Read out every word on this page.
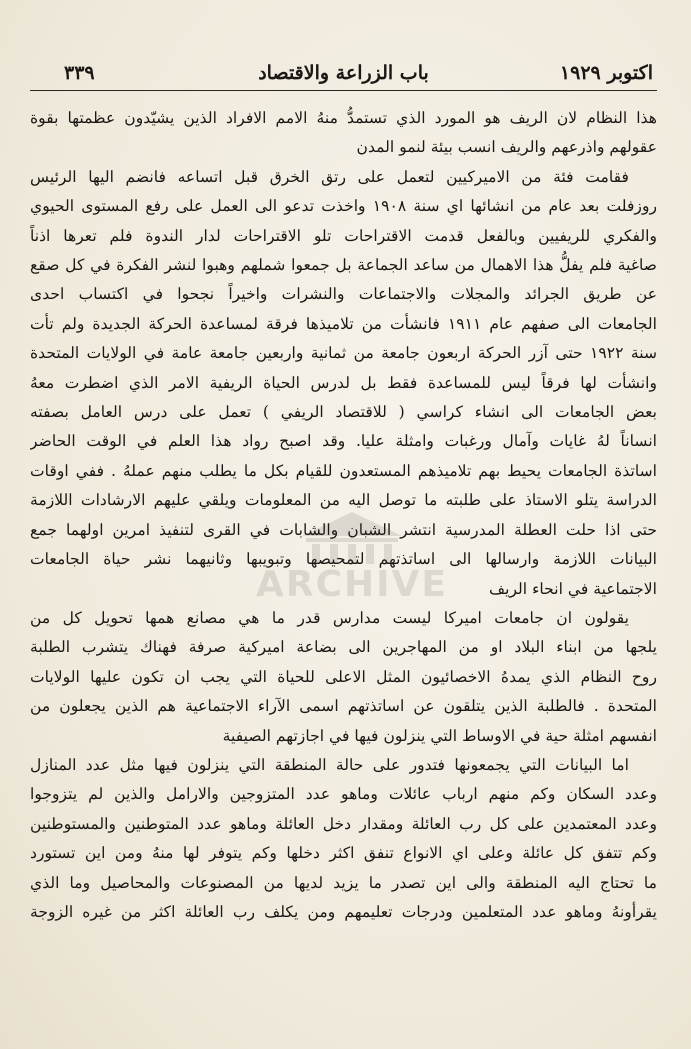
٣٣٩	باب الزراعة والاقتصاد	اكتوبر ١٩٢٩
هذا النظام لان الريف هو المورد الذي تستمدُّ منهُ الامم الافراد الذين يشيّدون عظمتها بقوة
عقولهم واذرعهم والريف انسب بيئة لنمو المدن
فقامت فئة من الاميركيين لتعمل على رتق الخرق قبل اتساعه فانضم اليها الرئيس
روزفلت بعد عام من انشائها اي سنة ١٩٠٨ واخذت تدعو الى العمل على رفع المستوى الحيوي
والفكري للريفيين وبالفعل قدمت الاقتراحات تلو الاقتراحات لدار الندوة فلم تعرها اذناً
صاغية فلم يفلُّ هذا الاهمال من ساعد الجماعة بل جمعوا شملهم وهبوا لنشر الفكرة في كل صقع
عن طريق الجرائد والمجلات والاجتماعات والنشرات واخيراً نجحوا في اكتساب احدى
الجامعات الى صفهم عام ١٩١١ فانشأت من تلاميذها فرقة لمساعدة الحركة الجديدة ولم تأت
سنة ١٩٢٢ حتى آزر الحركة اربعون جامعة من ثمانية واربعين جامعة عامة في الولايات المتحدة
وانشأت لها فرقاً ليس للمساعدة فقط بل لدرس الحياة الريفية الامر الذي اضطرت معهُ
بعض الجامعات الى انشاء كراسي ( للاقتصاد الريفي ) تعمل على درس العامل بصفته
انساناً لهُ غايات وآمال ورغبات وامثلة عليا. وقد اصبح رواد هذا العلم في الوقت الحاضر
اساتذة الجامعات يحيط بهم تلاميذهم المستعدون للقيام بكل ما يطلب منهم عملهُ . ففي اوقات
الدراسة يتلو الاستاذ على طلبته ما توصل اليه من المعلومات ويلقي عليهم الارشادات اللازمة
حتى اذا حلت العطلة المدرسية انتشر الشبان والشابات في القرى لتنفيذ امرين اولهما جمع
البيانات اللازمة وارسالها الى اساتذتهم لتمحيصها وتبويبها وثانيهما نشر حياة الجامعات
الاجتماعية في انحاء الريف
يقولون ان جامعات اميركا ليست مدارس قدر ما هي مصانع همها تحويل كل من
يلجها من ابناء البلاد او من المهاجرين الى بضاعة اميركية صرفة فهناك يتشرب الطلبة
روح النظام الذي يمدهُ الاخصائيون المثل الاعلى للحياة التي يجب ان تكون عليها الولايات
المتحدة . فالطلبة الذين يتلقون عن اساتذتهم اسمى الآراء الاجتماعية هم الذين يجعلون من
انفسهم امثلة حية في الاوساط التي ينزلون فيها في اجازتهم الصيفية
اما البيانات التي يجمعونها فتدور على حالة المنطقة التي ينزلون فيها مثل عدد المنازل
وعدد السكان وكم منهم ارباب عائلات وماهو عدد المتزوجين والارامل والذين لم يتزوجوا
وعدد المعتمدين على كل رب العائلة ومقدار دخل العائلة وماهو عدد المتوطنين والمستوطنين
وكم تتفق كل عائلة وعلى اي الانواع تنفق اكثر دخلها وكم يتوفر لها منهُ ومن اين تستورد
ما تحتاج اليه المنطقة والى اين تصدر ما يزيد لديها من المصنوعات والمحاصيل وما الذي
يقرأونهُ وماهو عدد المتعلمين ودرجات تعليمهم ومن يكلف رب العائلة اكثر من غيره الزوجة
ARCHIVE
